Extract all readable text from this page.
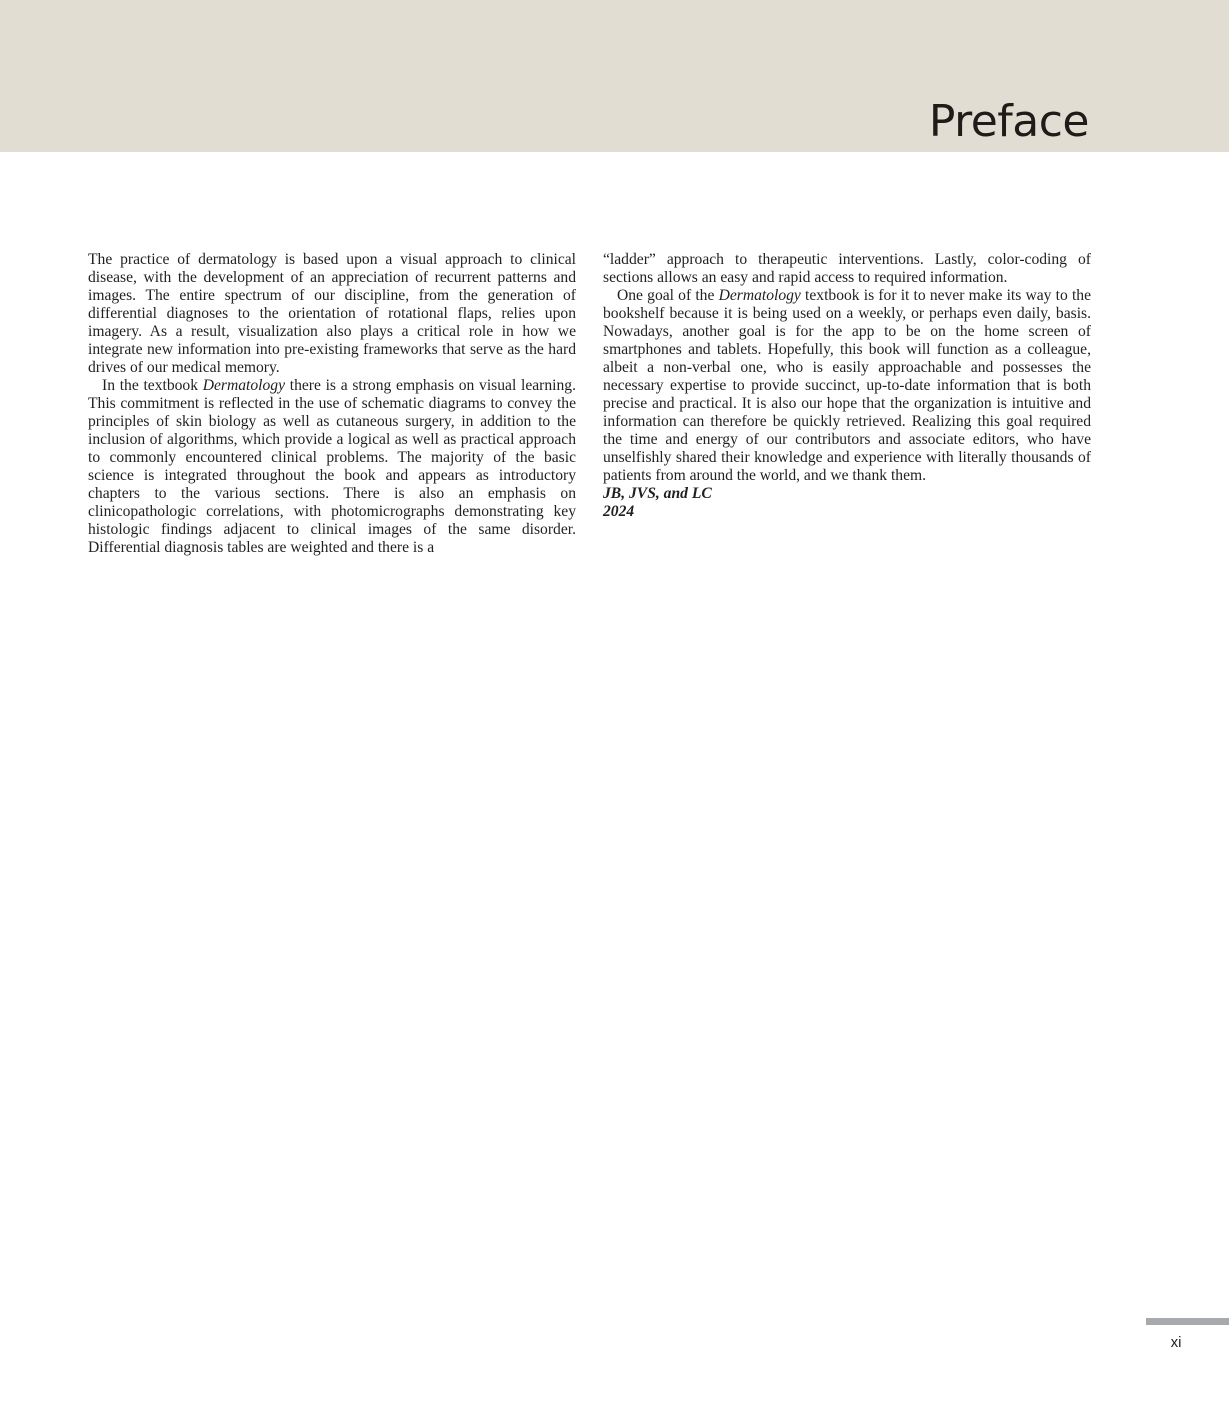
Preface

The practice of dermatology is based upon a visual approach to clinical disease, with the development of an appreciation of recurrent patterns and images. The entire spectrum of our discipline, from the generation of differential diagnoses to the orientation of rotational flaps, relies upon imagery. As a result, visualization also plays a critical role in how we integrate new information into pre-existing frameworks that serve as the hard drives of our medical memory.

In the textbook Dermatology there is a strong emphasis on visual learning. This commitment is reflected in the use of schematic diagrams to convey the principles of skin biology as well as cutaneous surgery, in addition to the inclusion of algorithms, which provide a logical as well as practical approach to commonly encountered clinical problems. The majority of the basic science is integrated throughout the book and appears as introductory chapters to the various sections. There is also an emphasis on clinicopathologic correlations, with photomicrographs demonstrating key histologic findings adjacent to clinical images of the same disorder. Differential diagnosis tables are weighted and there is a

“ladder” approach to therapeutic interventions. Lastly, color-coding of sections allows an easy and rapid access to required information.

One goal of the Dermatology textbook is for it to never make its way to the bookshelf because it is being used on a weekly, or perhaps even daily, basis. Nowadays, another goal is for the app to be on the home screen of smartphones and tablets. Hopefully, this book will function as a colleague, albeit a non-verbal one, who is easily approachable and possesses the necessary expertise to provide succinct, up-to-date information that is both precise and practical. It is also our hope that the organization is intuitive and information can therefore be quickly retrieved. Realizing this goal required the time and energy of our contributors and associate editors, who have unselfishly shared their knowledge and experience with literally thousands of patients from around the world, and we thank them.

JB, JVS, and LC

2024

xi
